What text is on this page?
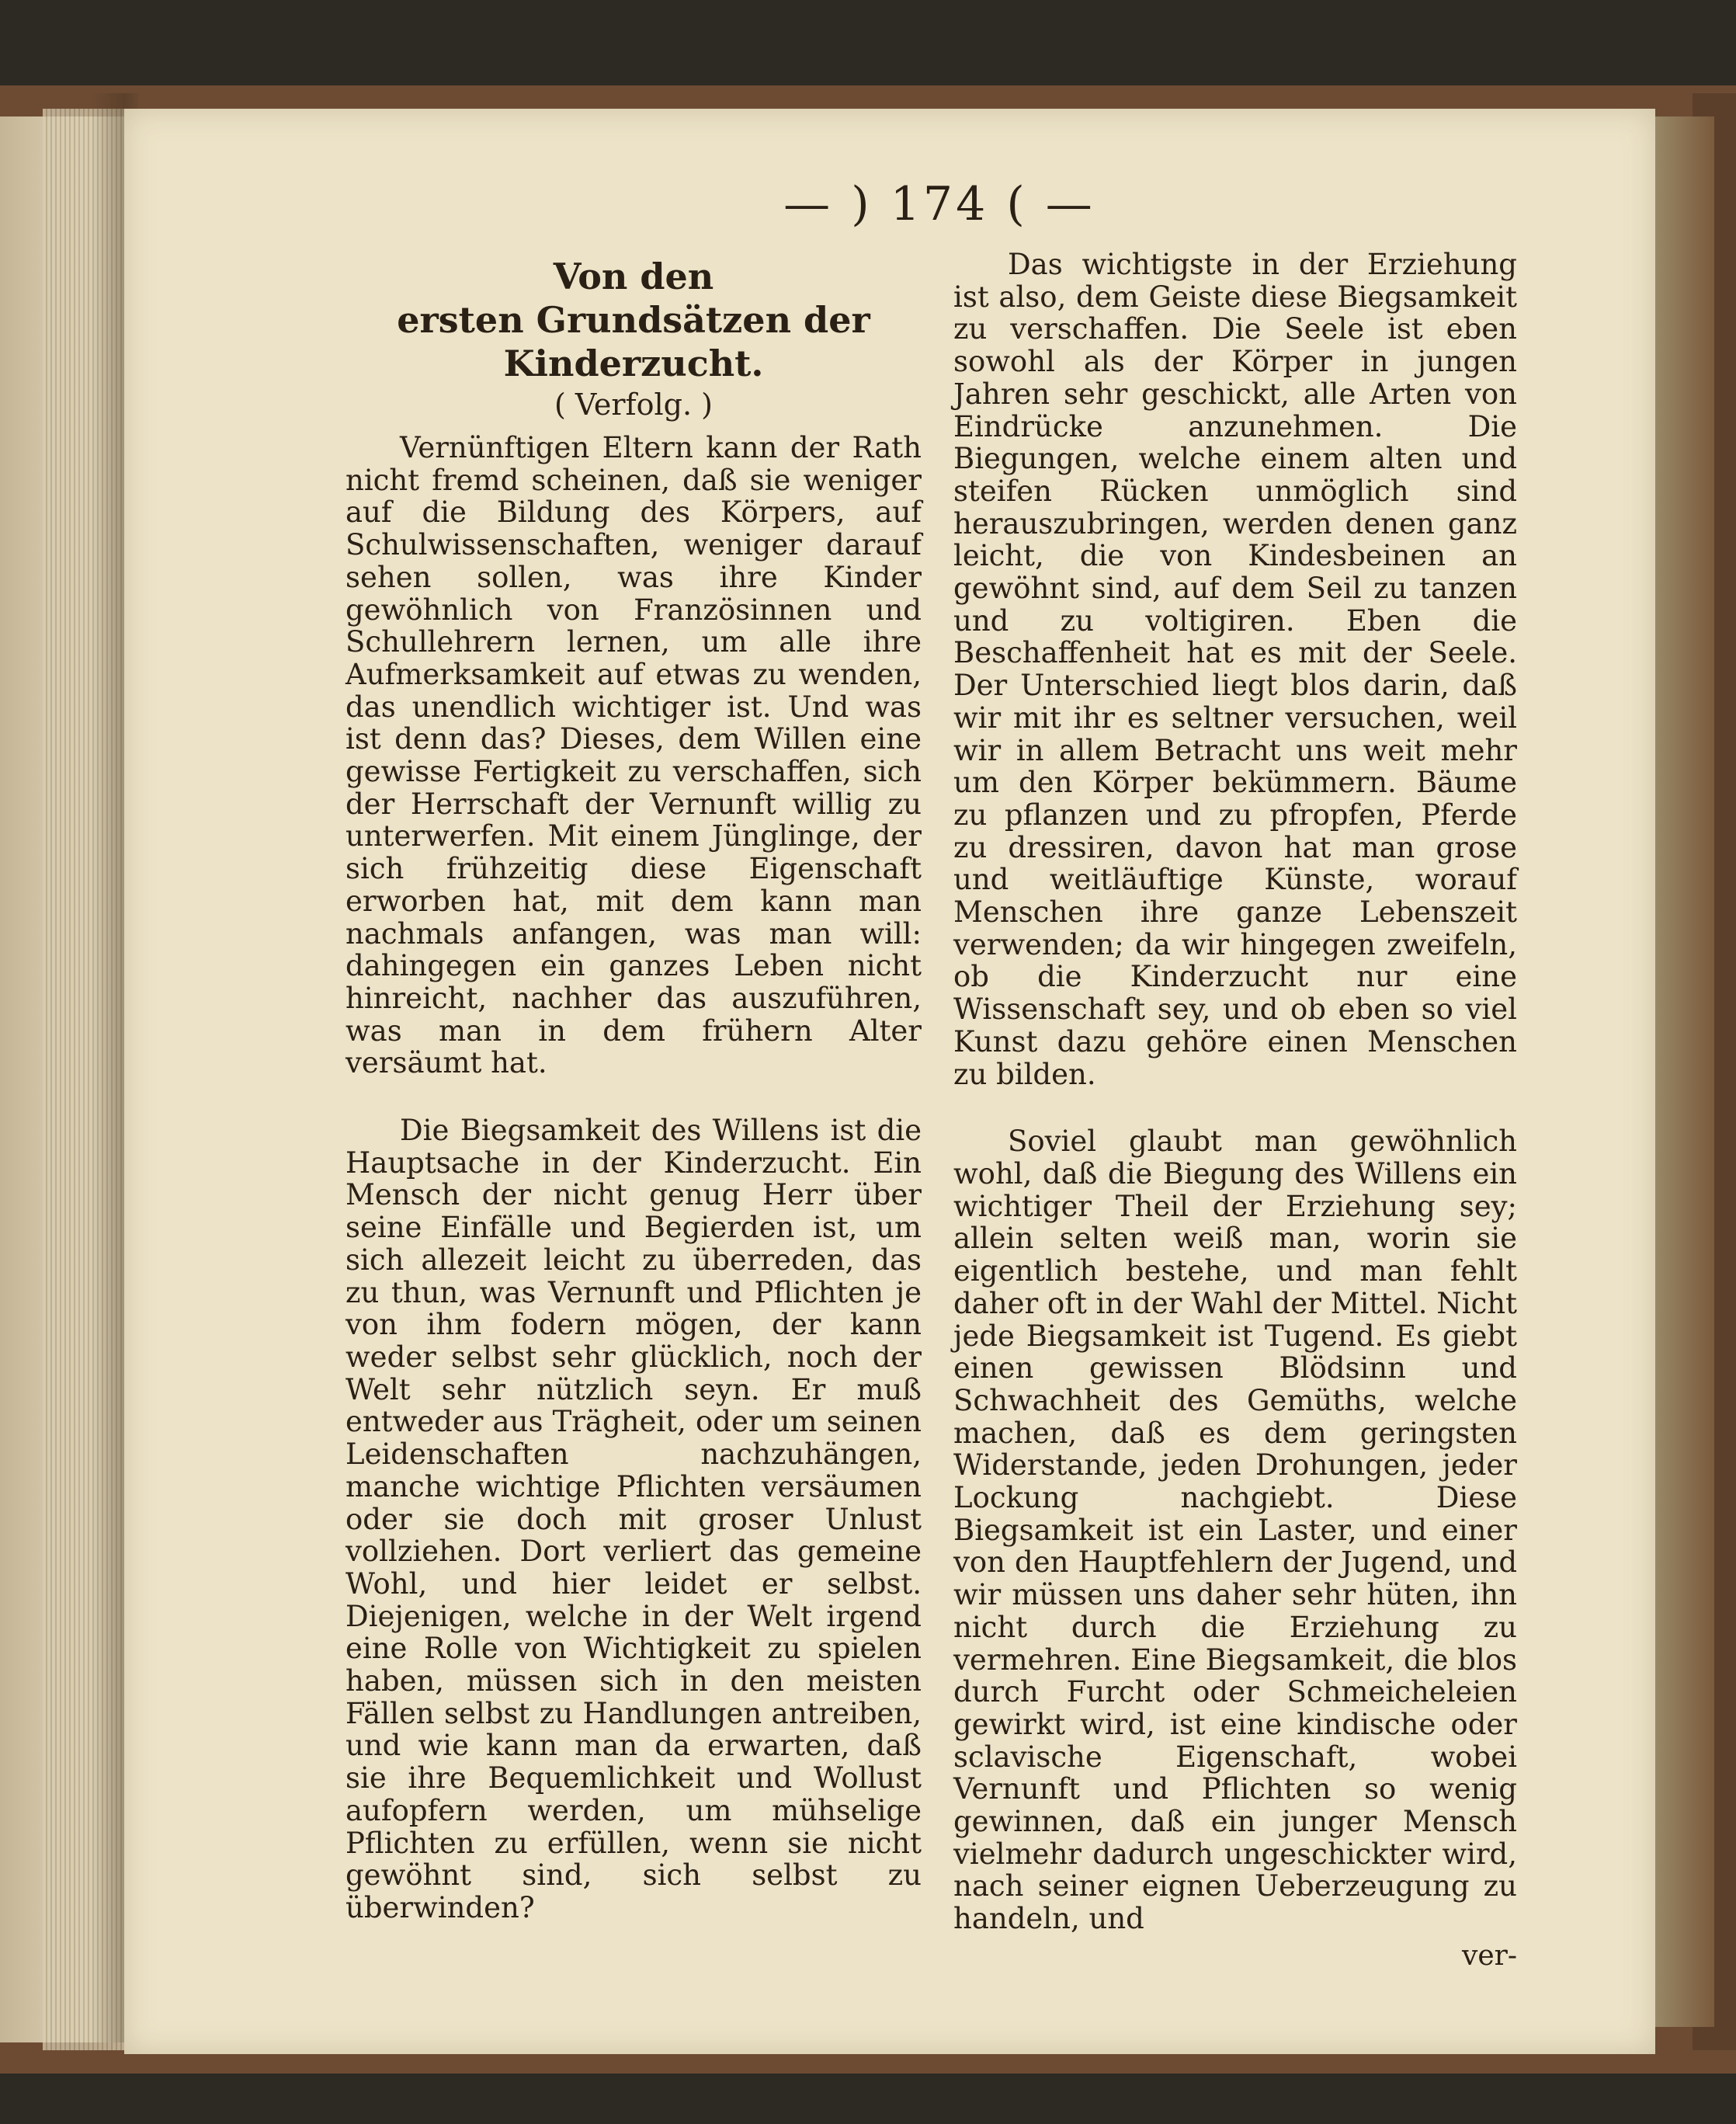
— ) 174 ( —
Von den
ersten Grundsätzen der Kinderzucht.
( Verfolg. )

Vernünftigen Eltern kann der Rath nicht fremd scheinen, daß sie weniger auf die Bildung des Körpers, auf Schulwissenschaften, weniger darauf sehen sollen, was ihre Kinder gewöhnlich von Französinnen und Schullehrern lernen, um alle ihre Aufmerksamkeit auf etwas zu wenden, das unendlich wichtiger ist. Und was ist denn das? Dieses, dem Willen eine gewisse Fertigkeit zu verschaffen, sich der Herrschaft der Vernunft willig zu unterwerfen. Mit einem Jünglinge, der sich frühzeitig diese Eigenschaft erworben hat, mit dem kann man nachmals anfangen, was man will: dahingegen ein ganzes Leben nicht hinreicht, nachher das auszuführen, was man in dem frühern Alter versäumt hat.

Die Biegsamkeit des Willens ist die Hauptsache in der Kinderzucht. Ein Mensch der nicht genug Herr über seine Einfälle und Begierden ist, um sich allezeit leicht zu überreden, das zu thun, was Vernunft und Pflichten je von ihm fodern mögen, der kann weder selbst sehr glücklich, noch der Welt sehr nützlich seyn. Er muß entweder aus Trägheit, oder um seinen Leidenschaften nachzuhängen, manche wichtige Pflichten versäumen oder sie doch mit groser Unlust vollziehen. Dort verliert das gemeine Wohl, und hier leidet er selbst. Diejenigen, welche in der Welt irgend eine Rolle von Wichtigkeit zu spielen haben, müssen sich in den meisten Fällen selbst zu Handlungen antreiben, und wie kann man da erwarten, daß sie ihre Bequemlichkeit und Wollust aufopfern werden, um mühselige Pflichten zu erfüllen, wenn sie nicht gewöhnt sind, sich selbst zu überwinden?

Das wichtigste in der Erziehung ist also, dem Geiste diese Biegsamkeit zu verschaffen. Die Seele ist eben sowohl als der Körper in jungen Jahren sehr geschickt, alle Arten von Eindrücke anzunehmen. Die Biegungen, welche einem alten und steifen Rücken unmöglich sind herauszubringen, werden denen ganz leicht, die von Kindesbeinen an gewöhnt sind, auf dem Seil zu tanzen und zu voltigiren. Eben die Beschaffenheit hat es mit der Seele. Der Unterschied liegt blos darin, daß wir mit ihr es seltner versuchen, weil wir in allem Betracht uns weit mehr um den Körper bekümmern. Bäume zu pflanzen und zu pfropfen, Pferde zu dressiren, davon hat man grose und weitläuftige Künste, worauf Menschen ihre ganze Lebenszeit verwenden; da wir hingegen zweifeln, ob die Kinderzucht nur eine Wissenschaft sey, und ob eben so viel Kunst dazu gehöre einen Menschen zu bilden.

Soviel glaubt man gewöhnlich wohl, daß die Biegung des Willens ein wichtiger Theil der Erziehung sey; allein selten weiß man, worin sie eigentlich bestehe, und man fehlt daher oft in der Wahl der Mittel. Nicht jede Biegsamkeit ist Tugend. Es giebt einen gewissen Blödsinn und Schwachheit des Gemüths, welche machen, daß es dem geringsten Widerstande, jeden Drohungen, jeder Lockung nachgiebt. Diese Biegsamkeit ist ein Laster, und einer von den Hauptfehlern der Jugend, und wir müssen uns daher sehr hüten, ihn nicht durch die Erziehung zu vermehren. Eine Biegsamkeit, die blos durch Furcht oder Schmeicheleien gewirkt wird, ist eine kindische oder sclavische Eigenschaft, wobei Vernunft und Pflichten so wenig gewinnen, daß ein junger Mensch vielmehr dadurch ungeschickter wird, nach seiner eignen Ueberzeugung zu handeln, und

ver-
